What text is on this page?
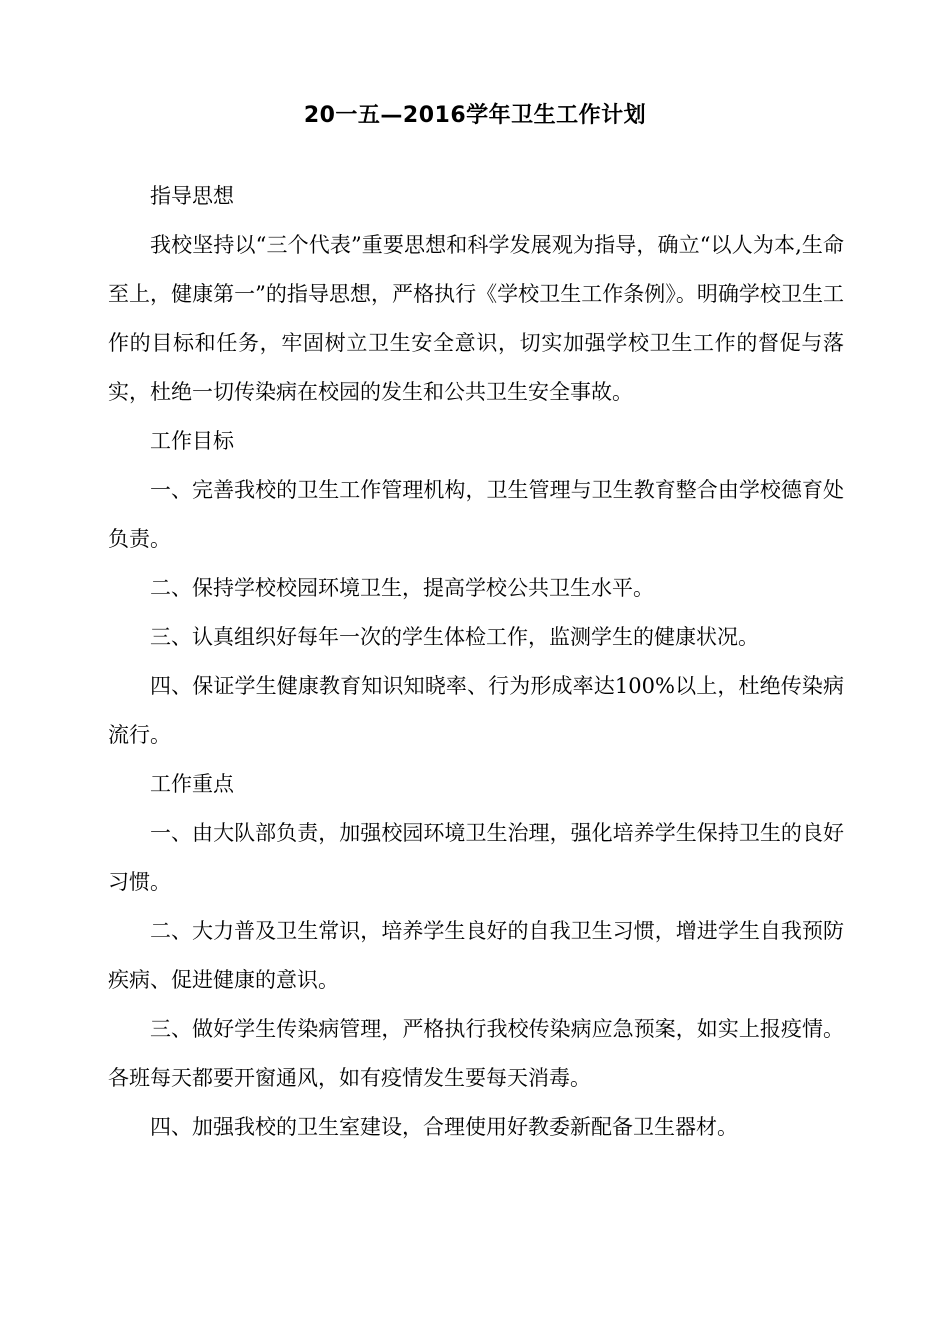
20一五—2016学年卫生工作计划

指导思想

我校坚持以“三个代表”重要思想和科学发展观为指导，确立“以人为本,生命至上，健康第一”的指导思想，严格执行《学校卫生工作条例》。明确学校卫生工作的目标和任务，牢固树立卫生安全意识，切实加强学校卫生工作的督促与落实，杜绝一切传染病在校园的发生和公共卫生安全事故。

工作目标

一、完善我校的卫生工作管理机构，卫生管理与卫生教育整合由学校德育处负责。

二、保持学校校园环境卫生，提高学校公共卫生水平。

三、认真组织好每年一次的学生体检工作，监测学生的健康状况。

四、保证学生健康教育知识知晓率、行为形成率达100%以上，杜绝传染病流行。

工作重点

一、由大队部负责，加强校园环境卫生治理，强化培养学生保持卫生的良好习惯。

二、大力普及卫生常识，培养学生良好的自我卫生习惯，增进学生自我预防疾病、促进健康的意识。

三、做好学生传染病管理，严格执行我校传染病应急预案，如实上报疫情。各班每天都要开窗通风，如有疫情发生要每天消毒。

四、加强我校的卫生室建设，合理使用好教委新配备卫生器材。
